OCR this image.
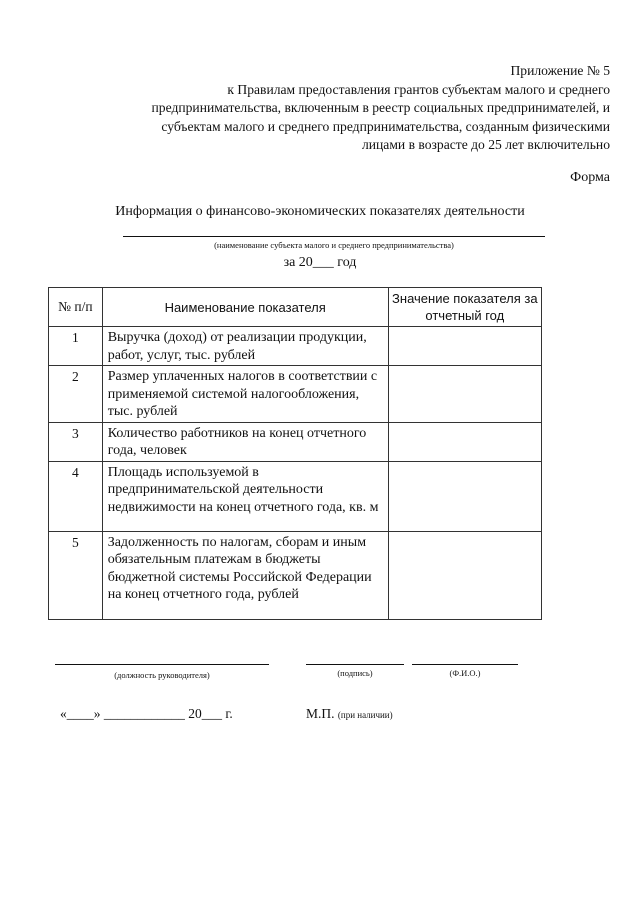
Приложение № 5
к Правилам предоставления грантов субъектам малого и среднего
предпринимательства, включенным в реестр социальных предпринимателей, и
субъектам малого и среднего предпринимательства, созданным физическими
лицами в возрасте до 25 лет включительно
Форма
Информация о финансово-экономических показателях деятельности
(наименование субъекта малого и среднего предпринимательства)
за 20___ год
№ п/п	Наименование показателя	Значение показателя за отчетный год
1	Выручка (доход) от реализации продукции, работ, услуг, тыс. рублей	
2	Размер уплаченных налогов в соответствии с применяемой системой налогообложения, тыс. рублей	
3	Количество работников на конец отчетного года, человек	
4	Площадь используемой в предпринимательской деятельности недвижимости на конец отчетного года, кв. м	
5	Задолженность по налогам, сборам и иным обязательным платежам в бюджеты бюджетной системы Российской Федерации на конец отчетного года, рублей	
(должность руководителя)	(подпись)	(Ф.И.О.)
«____» ____________ 20___ г.	М.П. (при наличии)
